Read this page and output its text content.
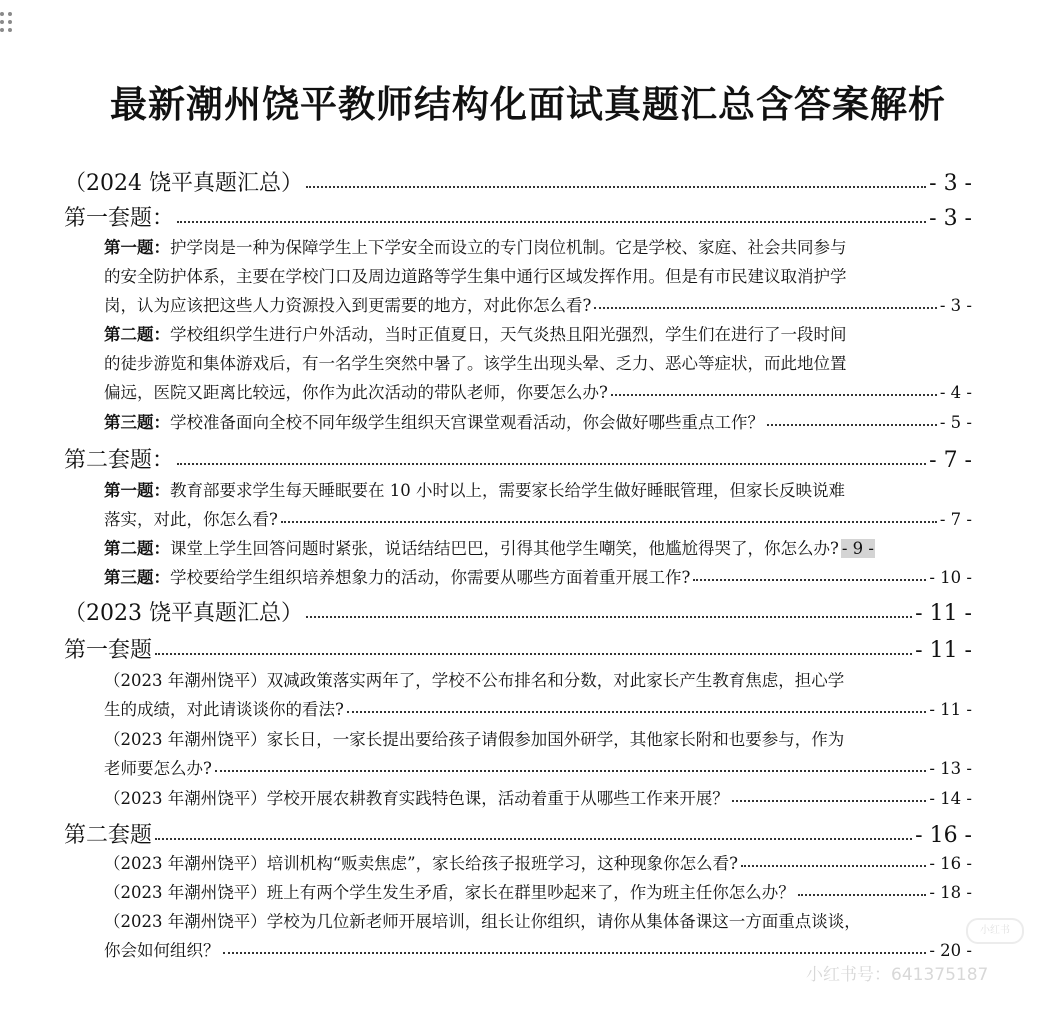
最新潮州饶平教师结构化面试真题汇总含答案解析
（2024 饶平真题汇总）	- 3 -
第一套题：	- 3 -
第一题：护学岗是一种为保障学生上下学安全而设立的专门岗位机制。它是学校、家庭、社会共同参与
的安全防护体系，主要在学校门口及周边道路等学生集中通行区域发挥作用。但是有市民建议取消护学
岗，认为应该把这些人力资源投入到更需要的地方，对此你怎么看?	- 3 -
第二题：学校组织学生进行户外活动，当时正值夏日，天气炎热且阳光强烈，学生们在进行了一段时间
的徒步游览和集体游戏后，有一名学生突然中暑了。该学生出现头晕、乏力、恶心等症状，而此地位置
偏远，医院又距离比较远，你作为此次活动的带队老师，你要怎么办?	- 4 -
第三题：学校准备面向全校不同年级学生组织天宫课堂观看活动，你会做好哪些重点工作？	- 5 -
第二套题：	- 7 -
第一题：教育部要求学生每天睡眠要在 10 小时以上，需要家长给学生做好睡眠管理，但家长反映说难
落实，对此，你怎么看?	- 7 -
第二题：课堂上学生回答问题时紧张，说话结结巴巴，引得其他学生嘲笑，他尴尬得哭了，你怎么办? - 9 -
第三题：学校要给学生组织培养想象力的活动，你需要从哪些方面着重开展工作?	- 10 -
（2023 饶平真题汇总）	- 11 -
第一套题	- 11 -
（2023 年潮州饶平）双减政策落实两年了，学校不公布排名和分数，对此家长产生教育焦虑，担心学
生的成绩，对此请谈谈你的看法?	- 11 -
（2023 年潮州饶平）家长日，一家长提出要给孩子请假参加国外研学，其他家长附和也要参与，作为
老师要怎么办?	- 13 -
（2023 年潮州饶平）学校开展农耕教育实践特色课，活动着重于从哪些工作来开展？	- 14 -
第二套题	- 16 -
（2023 年潮州饶平）培训机构“贩卖焦虑”，家长给孩子报班学习，这种现象你怎么看?	- 16 -
（2023 年潮州饶平）班上有两个学生发生矛盾，家长在群里吵起来了，作为班主任你怎么办？	- 18 -
（2023 年潮州饶平）学校为几位新老师开展培训，组长让你组织，请你从集体备课这一方面重点谈谈，
你会如何组织？	- 20 -
小红书
小红书号：641375187
